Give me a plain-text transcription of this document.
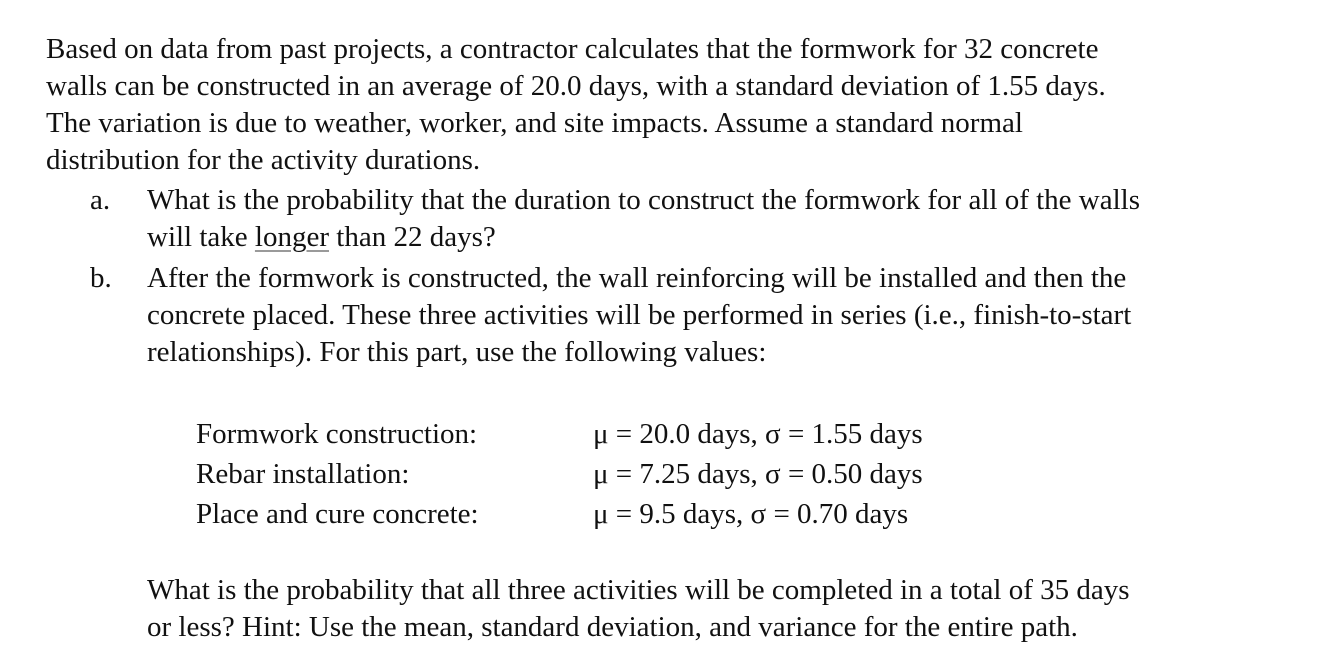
Based on data from past projects, a contractor calculates that the formwork for 32 concrete
walls can be constructed in an average of 20.0 days, with a standard deviation of 1.55 days.
The variation is due to weather, worker, and site impacts. Assume a standard normal
distribution for the activity durations.
a. What is the probability that the duration to construct the formwork for all of the walls
will take longer than 22 days?
b. After the formwork is constructed, the wall reinforcing will be installed and then the
concrete placed. These three activities will be performed in series (i.e., finish-to-start
relationships). For this part, use the following values:
Formwork construction:	μ = 20.0 days, σ = 1.55 days
Rebar installation:	μ = 7.25 days, σ = 0.50 days
Place and cure concrete:	μ = 9.5 days, σ = 0.70 days
What is the probability that all three activities will be completed in a total of 35 days
or less? Hint: Use the mean, standard deviation, and variance for the entire path.
